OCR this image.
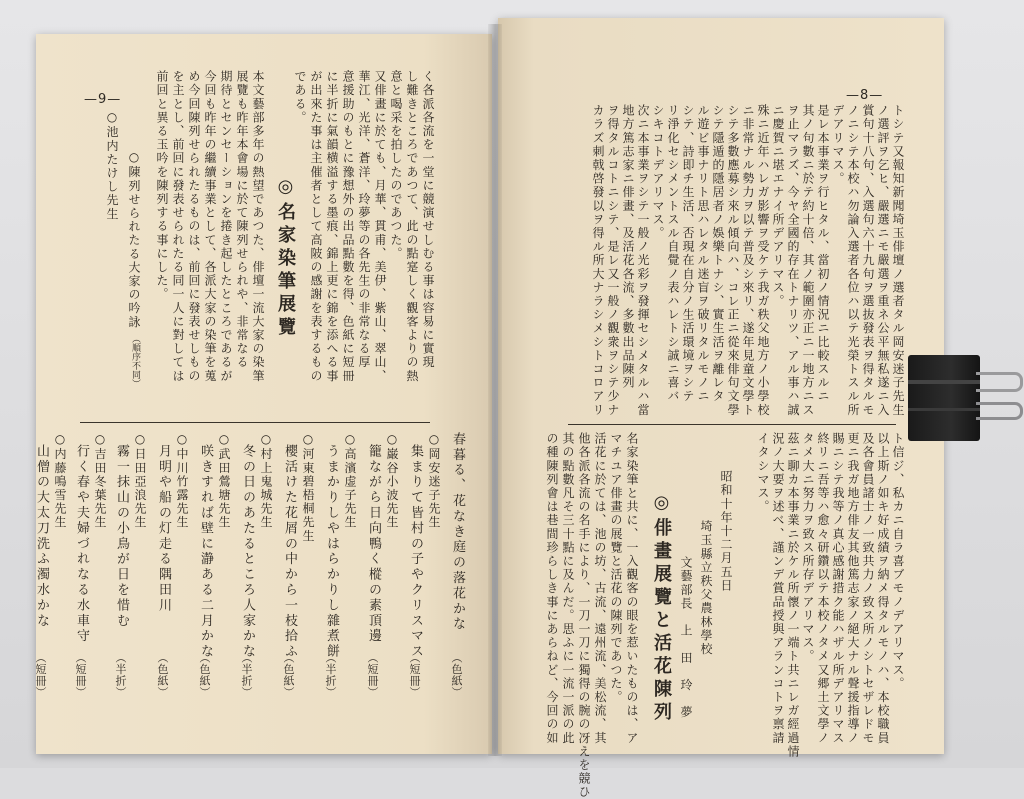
—9—	—8—
く各派各流を一堂に競演せしむる事は容易に實現
し難きところであつて、此の點寔しく觀客よりの熱
意と喝采を拍したのであつた。
又俳畫に於ても、月華、貫甫、美伊、紫山、翠山、
華江、光洋、蒼洋、玲夢等の各先生の非常なる厚
意援助のもとに豫想外の出品點數を得、色紙に短冊
に半折に氣韻横溢する墨痕、錦上更に錦を添へる事
が出來た事は主催者として高陂の感謝を表するもの
である。
◎名家染筆展覽
本文藝部多年の熱望であつた、俳壇一流大家の染筆
展覽も昨年本會場に於て陳列せられや、非常なる
期待とセンセーションを捲き起したところであるが
今回も昨年の繼續事業として、各派大家の染筆を蒐
め今回陳列せられたるものは、前回に發表せしもの
を主とし、前回に發表せられたる同一人に對しては
前回と異る玉吟を陳列する事にした。
○陳列せられたる大家の吟詠
（順序不同）
○池内たけし先生
春暮る、花なき庭の落花かな
（色紙）
○岡安迷子先生
集まりて皆村の子やクリスマス
（短冊）
○巌谷小波先生
籠ながら日向鴨く樅の素頂邊
（短冊）
○高濱虚子先生
うまかりしやはらかりし雜煮餅
（半折）
○河東碧梧桐先生
櫻活けた花屑の中から一枝拾ふ
（色紙）
○村上鬼城先生
冬の日のあたるところ人家かな
（半折）
○武田鶯塘先生
咲きすれば壁に瀞ある二月かな
（色紙）
○中川竹露先生
月明や船の灯走る隅田川
（色紙）
○日田亞浪先生
霧一抹山の小鳥が日を惜む
（半折）
○吉田冬葉先生
行く春や夫婦づれなる水車守
（短冊）
○内藤鳴雪先生
山僧の大太刀洗ふ濁水かな
（短冊）
トシテ又報知新聞埼玉俳壇ノ選者タル岡安迷子先生
ノ選評ヲ乞ヒ、嚴選ニモ嚴選ヲ重ネ公平無私遂ニ入
賞句十八句、入選句六十九句ヲ選抜發表ヲ得タルモ
ノニシテ本校ハ勿論入選者各位ハ以テ光榮トスル所
デアリマス。
是レ本事業ヲ行ヒタル、當初ノ情況ニ比較スルニ
其ノ句數ニ於テ約十倍、其ノ範圍亦正ニ一地方ニス
ヲ止マラズ、今ヤ全國的存在トナリツ、アル事ハ誠
ニ慶賀ニ堪エナイ所デアリマス。
殊ニ近年ハレガ影響ヲ受ケテ我ガ秩父地方ノ小學校
ニ非常ナル勢力ヲ以テ普及シ來リ、遂年見童文學ト
シテ多數應募シ來ル傾向ハ、コレ正ニ從來俳句文學
シテ隱遁的隱居者ノ娛樂トナシ、實生活ヲ離レタ
ル遊ビ事ナリト思ハレタル迷盲ヲ破リタルモノニ
シテ、詩即チ生活、否現在自分ノ生活環境ヲシテ
リ淨化セシメントスル自覺ノ表ハレトシ誠ニ喜バ
シキコトデアリマス。
次ニ本事業ヲシテ一般ノ光彩ヲ發揮セシメタルハ當
地方篤志家ニ俳畫、及活花各流、多數出品陳列
ヲ得タルコトニシテ、是レ又一般ノ觀衆ヲシテ少ナ
カラズ刺戟啓發以ヲ得ル所大ナラシメシトコロアリ
ト信ジ、私カニ自ラ喜ブモノデアリマス。
以上斯ノ如キ好成績ヲ納メ得タルモノハ、本校職員
及各會員諸士ノ一致共力ノ致ス所ノシトセザレドモ
更ニ我ガ地方俳友其他篤志家ノ絕大ナル聲援指導ノ
賜ニシテ我等ノ真心感謝措ク能ハザル所デアリマス
終リニ吾等ハ愈々研鑽以テ本校ノタメ又郷土文學ノ
タメ大ニ努力ヲ致ス所存デアリマス。
茲ニ聊カ本事業ニ於ケル所懷ノ一端ト共ニレガ經過情
況ノ大要ヲ述べ、謹ンデ賞品授與アランコトヲ禀請
イタシマス。
昭和十年十二月五日
埼玉縣立秩父農林學校
文藝部長　上　田　玲　夢
◎俳畫展覽と活花陳列
名家染筆と共に、一入觀客の眼を惹いたものは、ア
マチユア俳畫の展覽と活花の陳列であつた。
活花に於ては、池の坊、古流、遠州流、美松流、其
他各派各流の名手により、一刀一刀に獨得の腕の冴えを競ひ
其の點數凡そ三十點に及んだ。思ふに一流一派の此
の種陳列會は巷間珍らしき事にあらねど、今回の如
